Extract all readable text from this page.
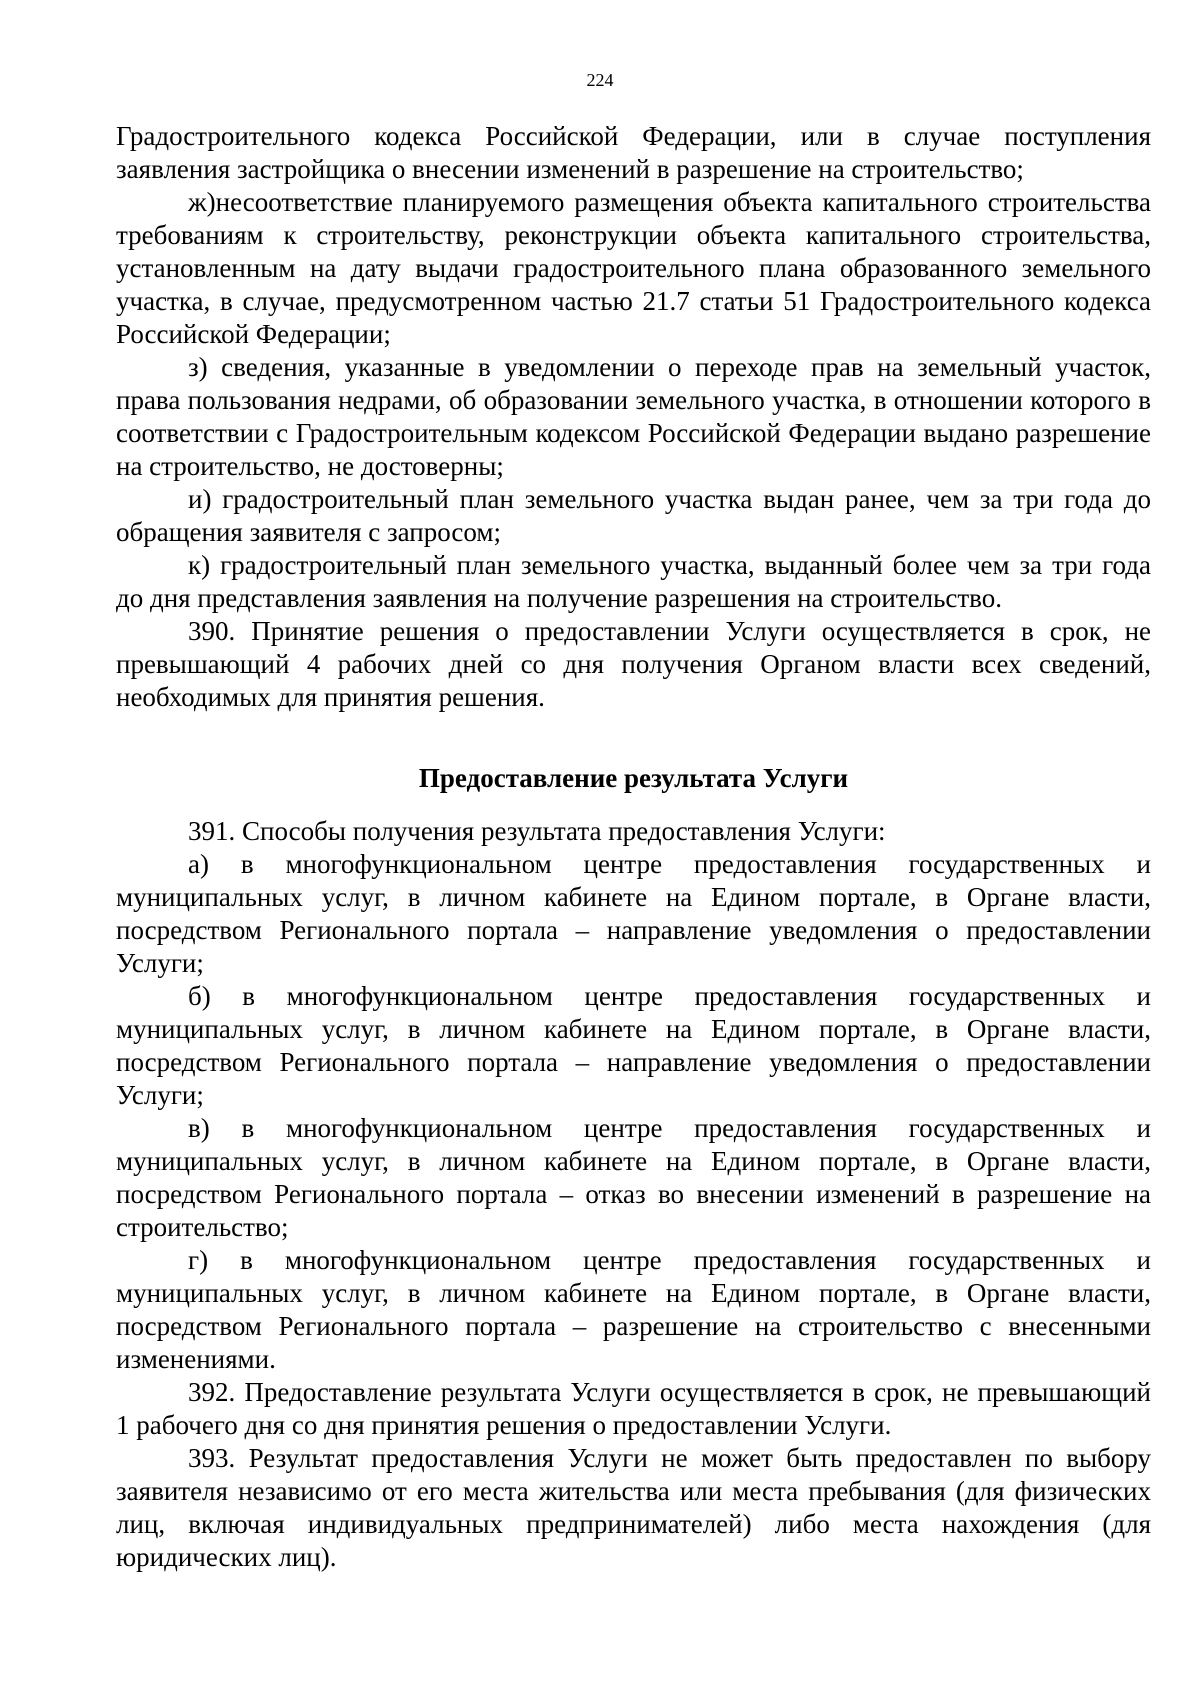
224

Градостроительного кодекса Российской Федерации, или в случае поступления заявления застройщика о внесении изменений в разрешение на строительство;

ж)несоответствие планируемого размещения объекта капитального строительства требованиям к строительству, реконструкции объекта капитального строительства, установленным на дату выдачи градостроительного плана образованного земельного участка, в случае, предусмотренном частью 21.7 статьи 51 Градостроительного кодекса Российской Федерации;

з) сведения, указанные в уведомлении о переходе прав на земельный участок, права пользования недрами, об образовании земельного участка, в отношении которого в соответствии с Градостроительным кодексом Российской Федерации выдано разрешение на строительство, не достоверны;

и) градостроительный план земельного участка выдан ранее, чем за три года до обращения заявителя с запросом;

к) градостроительный план земельного участка, выданный более чем за три года до дня представления заявления на получение разрешения на строительство.

390. Принятие решения о предоставлении Услуги осуществляется в срок, не превышающий 4 рабочих дней со дня получения Органом власти всех сведений, необходимых для принятия решения.

Предоставление результата Услуги

391. Способы получения результата предоставления Услуги:

а) в многофункциональном центре предоставления государственных и муниципальных услуг, в личном кабинете на Едином портале, в Органе власти, посредством Регионального портала – направление уведомления о предоставлении Услуги;

б) в многофункциональном центре предоставления государственных и муниципальных услуг, в личном кабинете на Едином портале, в Органе власти, посредством Регионального портала – направление уведомления о предоставлении Услуги;

в) в многофункциональном центре предоставления государственных и муниципальных услуг, в личном кабинете на Едином портале, в Органе власти, посредством Регионального портала – отказ во внесении изменений в разрешение на строительство;

г) в многофункциональном центре предоставления государственных и муниципальных услуг, в личном кабинете на Едином портале, в Органе власти, посредством Регионального портала – разрешение на строительство с внесенными изменениями.

392. Предоставление результата Услуги осуществляется в срок, не превышающий 1 рабочего дня со дня принятия решения о предоставлении Услуги.

393. Результат предоставления Услуги не может быть предоставлен по выбору заявителя независимо от его места жительства или места пребывания (для физических лиц, включая индивидуальных предпринимателей) либо места нахождения (для юридических лиц).
